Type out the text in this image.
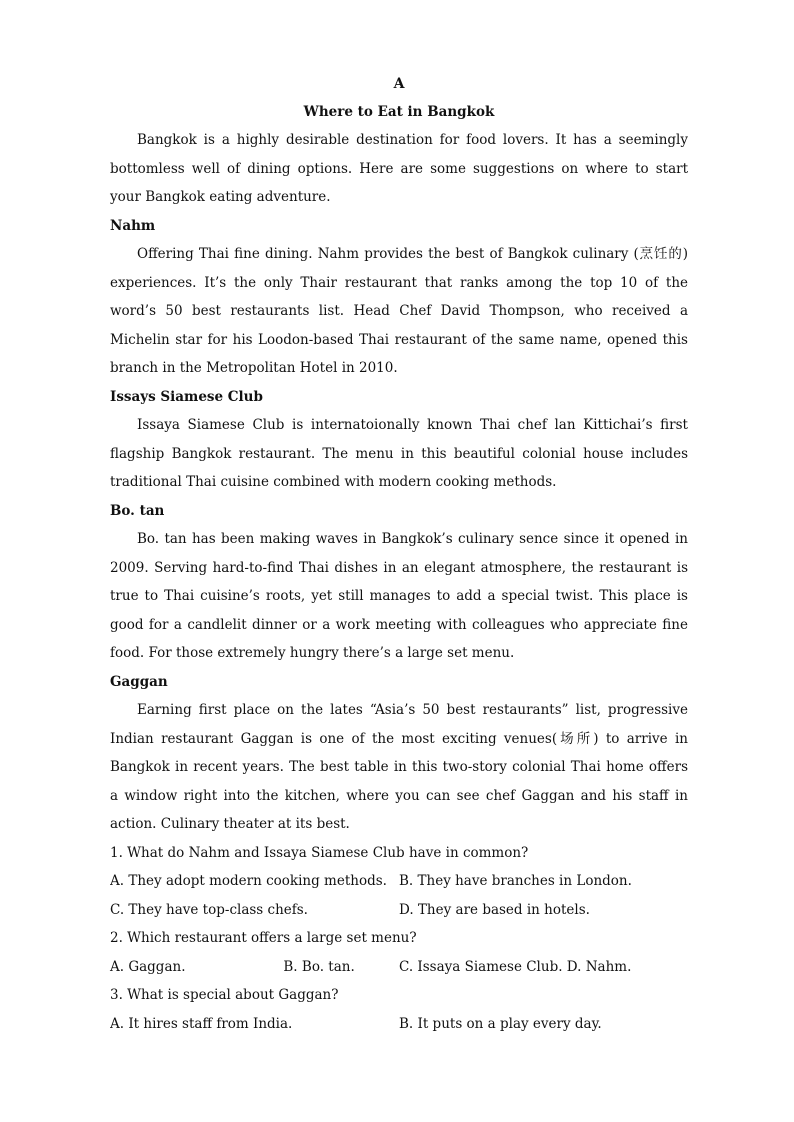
A
Where to Eat in Bangkok

Bangkok is a highly desirable destination for food lovers. It has a seemingly bottomless well of dining options. Here are some suggestions on where to start your Bangkok eating adventure.

Nahm

Offering Thai fine dining. Nahm provides the best of Bangkok culinary (烹饪的) experiences. It’s the only Thair restaurant that ranks among the top 10 of the word’s 50 best restaurants list. Head Chef David Thompson, who received a Michelin star for his Loodon-based Thai restaurant of the same name, opened this branch in the Metropolitan Hotel in 2010.

Issays Siamese Club

Issaya Siamese Club is internatoionally known Thai chef lan Kittichai’s first flagship Bangkok restaurant. The menu in this beautiful colonial house includes traditional Thai cuisine combined with modern cooking methods.

Bo. tan

Bo. tan has been making waves in Bangkok’s culinary sence since it opened in 2009. Serving hard-to-find Thai dishes in an elegant atmosphere, the restaurant is true to Thai cuisine’s roots, yet still manages to add a special twist. This place is good for a candlelit dinner or a work meeting with colleagues who appreciate fine food. For those extremely hungry there’s a large set menu.

Gaggan

Earning first place on the lates “Asia’s 50 best restaurants” list, progressive Indian restaurant Gaggan is one of the most exciting venues(场所) to arrive in Bangkok in recent years. The best table in this two-story colonial Thai home offers a window right into the kitchen, where you can see chef Gaggan and his staff in action. Culinary theater at its best.

1. What do Nahm and Issaya Siamese Club have in common?
A. They adopt modern cooking methods. B. They have branches in London.
C. They have top-class chefs.	D. They are based in hotels.
2. Which restaurant offers a large set menu?
A. Gaggan.	B. Bo. tan.	C. Issaya Siamese Club. D. Nahm.
3. What is special about Gaggan?
A. It hires staff from India.	B. It puts on a play every day.
